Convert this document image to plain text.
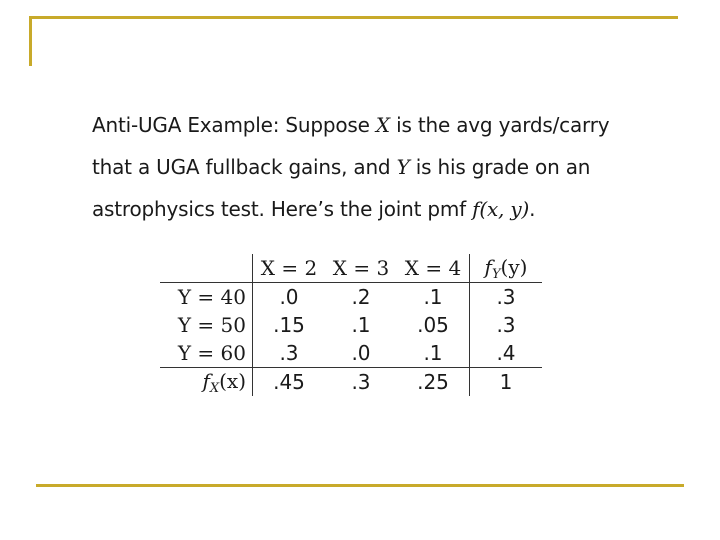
Anti-UGA Example: Suppose X is the avg yards/carry
that a UGA fullback gains, and Y is his grade on an
astrophysics test. Here’s the joint pmf f(x, y).
	X = 2	X = 3	X = 4	$f_Y(y)$
Y = 40	.0	.2	.1	.3
Y = 50	.15	.1	.05	.3
Y = 60	.3	.0	.1	.4
$f_X(x)$	.45	.3	.25	1
